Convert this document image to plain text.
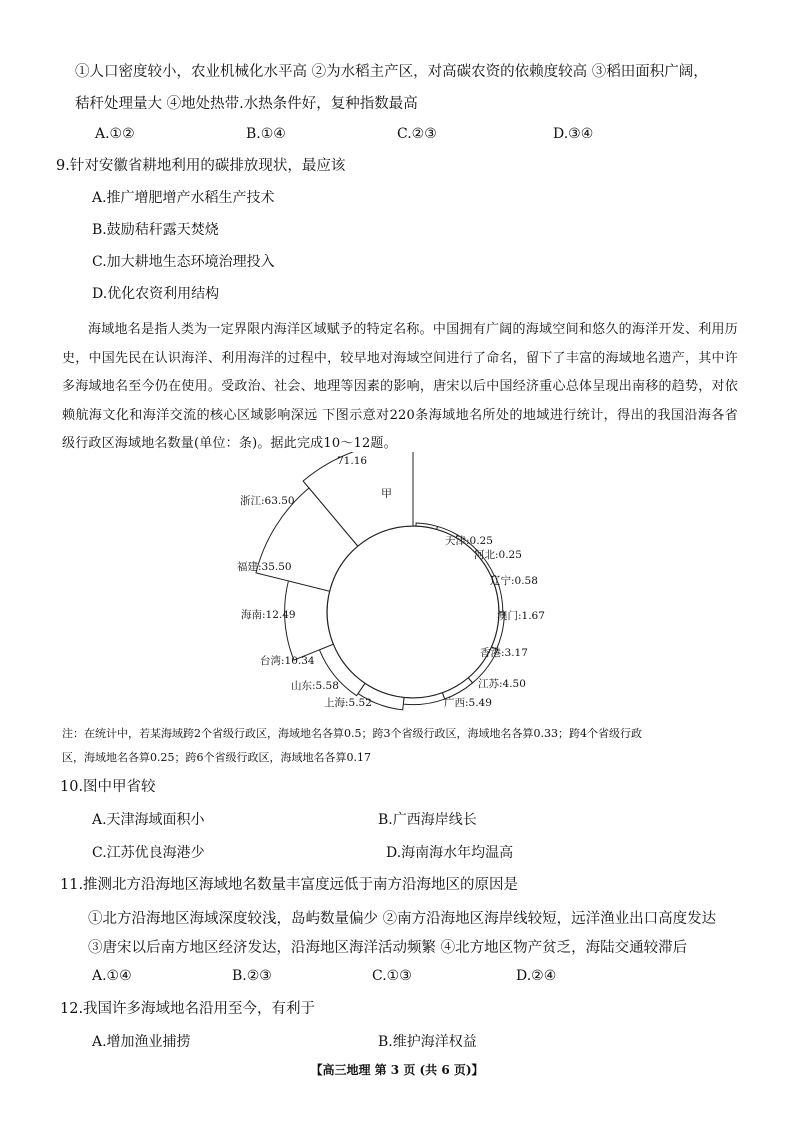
①人口密度较小，农业机械化水平高 ②为水稻主产区，对高碳农资的依赖度较高 ③稻田面积广阔，
秸秆处理量大 ④地处热带.水热条件好，复种指数最高
A.①②	B.①④	C.②③	D.③④
9.针对安徽省耕地利用的碳排放现状，最应该
A.推广增肥增产水稻生产技术
B.鼓励秸秆露天焚烧
C.加大耕地生态环境治理投入
D.优化农资利用结构
海域地名是指人类为一定界限内海洋区域赋予的特定名称。中国拥有广阔的海域空间和悠久的海洋开发、利用历史，中国先民在认识海洋、利用海洋的过程中，较早地对海域空间进行了命名，留下了丰富的海域地名遗产，其中许多海域地名至今仍在使用。受政治、社会、地理等因素的影响，唐宋以后中国经济重心总体呈现出南移的趋势，对依赖航海文化和海洋交流的核心区域影响深远 下图示意对220条海域地名所处的地域进行统计，得出的我国沿海各省级行政区海域地名数量(单位：条)。据此完成10～12题。
天津:0.25
河北:0.25
辽宁:0.58
澳门:1.67
香港:3.17
江苏:4.50
广西:5.49
上海:5.52
山东:5.58
台湾:10.34
海南:12.49
福建:35.50
浙江:63.50
71.16
甲
注：在统计中，若某海域跨2个省级行政区，海域地名各算0.5；跨3个省级行政区，海域地名各算0.33；跨4个省级行政
区，海域地名各算0.25；跨6个省级行政区，海域地名各算0.17
10.图中甲省较
A.天津海域面积小	B.广西海岸线长
C.江苏优良海港少	D.海南海水年均温高
11.推测北方沿海地区海域地名数量丰富度远低于南方沿海地区的原因是
①北方沿海地区海域深度较浅，岛屿数量偏少 ②南方沿海地区海岸线较短，远洋渔业出口高度发达
③唐宋以后南方地区经济发达，沿海地区海洋活动频繁 ④北方地区物产贫乏，海陆交通较滞后
A.①④	B.②③	C.①③	D.②④
12.我国许多海域地名沿用至今，有利于
A.增加渔业捕捞	B.维护海洋权益
【高三地理 第 3 页 (共 6 页)】
